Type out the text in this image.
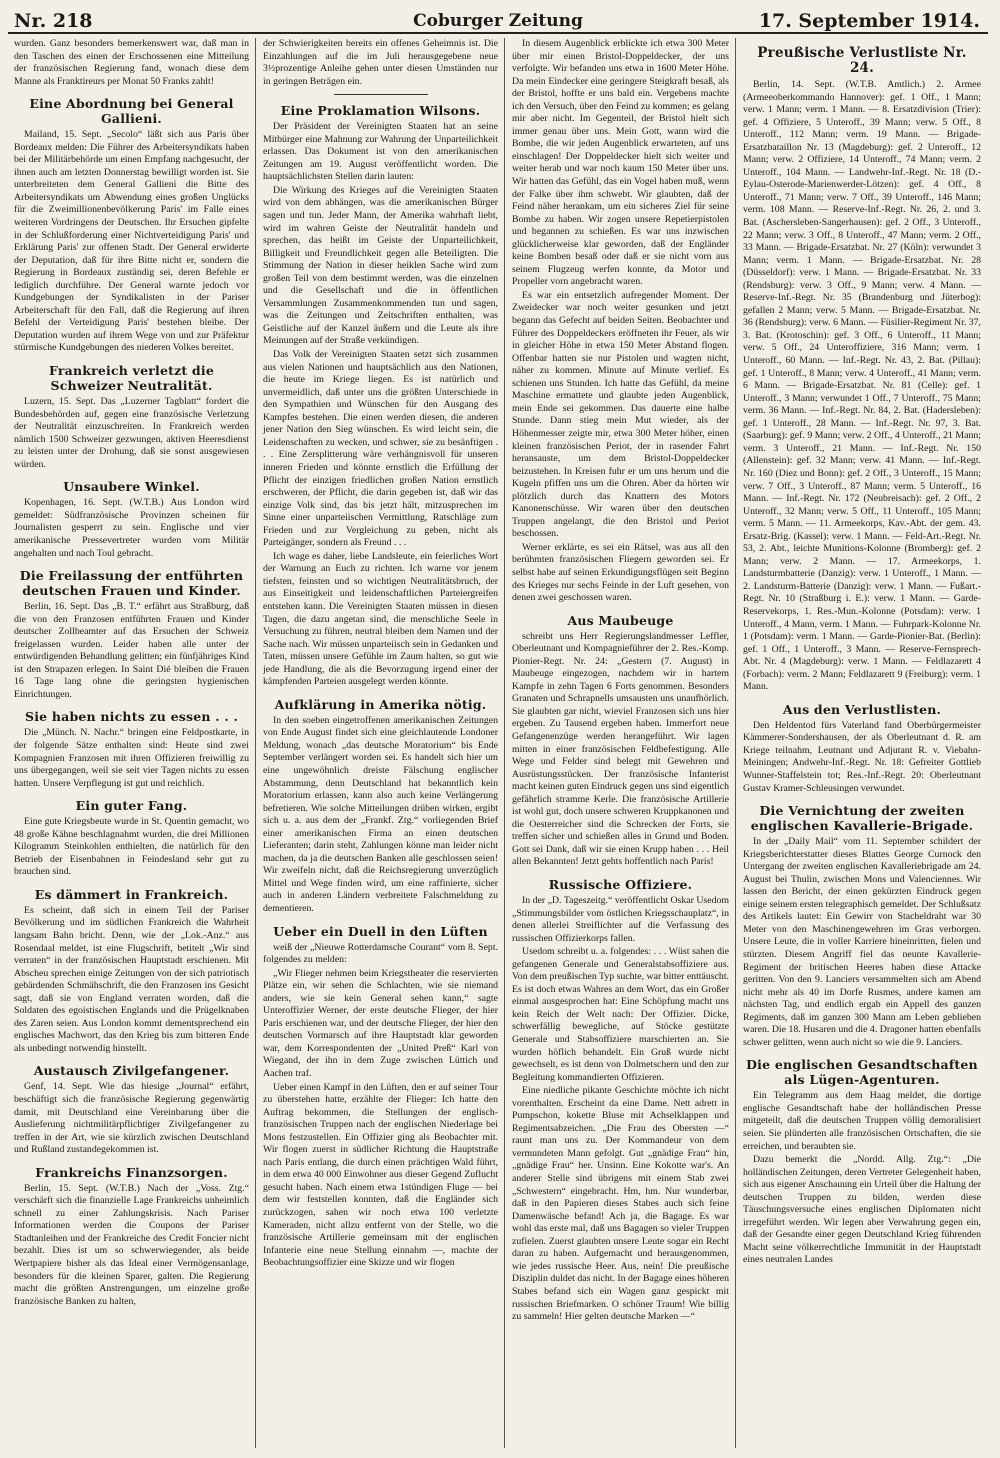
Nr. 218	Coburger Zeitung	17. September 1914.

wurden. Ganz besonders bemerkenswert war, daß man in den Taschen des einen der Erschossenen eine Mitteilung der französischen Regierung fand, wonach diese dem Manne als Franktireurs per Monat 50 Franks zahlt!

Eine Abordnung bei General Gallieni.

Mailand, 15. Sept. „Secolo“ läßt sich aus Paris über Bordeaux melden: Die Führer des Arbeitersyndikats haben bei der Militärbehörde um einen Empfang nachgesucht, der ihnen auch am letzten Donnerstag bewilligt worden ist. Sie unterbreiteten dem General Gallieni die Bitte des Arbeitersyndikats um Abwendung eines großen Unglücks für die Zweimillionenbevölkerung Paris' im Falle eines weiteren Vordringens der Deutschen. Ihr Ersuchen gipfelte in der Schlußforderung einer Nichtverteidigung Paris' und Erklärung Paris' zur offenen Stadt. Der General erwiderte der Deputation, daß für ihre Bitte nicht er, sondern die Regierung in Bordeaux zuständig sei, deren Befehle er lediglich durchführe. Der General warnte jedoch vor Kundgebungen der Syndikalisten in der Pariser Arbeiterschaft für den Fall, daß die Regierung auf ihren Befehl der Verteidigung Paris' bestehen bleibe. Der Deputation wurden auf ihrem Wege von und zur Präfektur stürmische Kundgebungen des niederen Volkes bereitet.

Frankreich verletzt die Schweizer Neutralität.

Luzern, 15. Sept. Das „Luzerner Tagblatt“ fordert die Bundesbehörden auf, gegen eine französische Verletzung der Neutralität einzuschreiten. In Frankreich werden nämlich 1500 Schweizer gezwungen, aktiven Heeresdienst zu leisten unter der Drohung, daß sie sonst ausgewiesen würden.

Unsaubere Winkel.

Kopenhagen, 16. Sept. (W.T.B.) Aus London wird gemeldet: Südfranzösische Provinzen scheinen für Journalisten gesperrt zu sein. Englische und vier amerikanische Pressevertreter wurden vom Militär angehalten und nach Toul gebracht.

Die Freilassung der entführten deutschen Frauen und Kinder.

Berlin, 16. Sept. Das „B. T.“ erfährt aus Straßburg, daß die von den Franzosen entführten Frauen und Kinder deutscher Zollbeamter auf das Ersuchen der Schweiz freigelassen wurden. Leider haben alle unter der entwürdigenden Behandlung gelitten; ein fünfjähriges Kind ist den Strapazen erlegen. In Saint Dié bleiben die Frauen 16 Tage lang ohne die geringsten hygienischen Einrichtungen.

Sie haben nichts zu essen . . .

Die „Münch. N. Nachr.“ bringen eine Feldpostkarte, in der folgende Sätze enthalten sind: Heute sind zwei Kompagnien Franzosen mit ihren Offizieren freiwillig zu uns übergegangen, weil sie seit vier Tagen nichts zu essen hatten. Unsere Verpflegung ist gut und reichlich.

Ein guter Fang.

Eine gute Kriegsbeute wurde in St. Quentin gemacht, wo 48 große Kähne beschlagnahmt wurden, die drei Millionen Kilogramm Steinkohlen enthielten, die natürlich für den Betrieb der Eisenbahnen in Feindesland sehr gut zu brauchen sind.

Es dämmert in Frankreich.

Es scheint, daß sich in einem Teil der Pariser Bevölkerung und im südlichen Frankreich die Wahrheit langsam Bahn bricht. Denn, wie der „Lok.-Anz.“ aus Rosendaal meldet, ist eine Flugschrift, betitelt „Wir sind verraten“ in der französischen Hauptstadt erschienen. Mit Abscheu sprechen einige Zeitungen von der sich patriotisch gebärdenden Schmähschrift, die den Franzosen ins Gesicht sagt, daß sie von England verraten worden, daß die Soldaten des egoistischen Englands und die Prügelknaben des Zaren seien. Aus London kommt dementsprechend ein englisches Machwort, das den Krieg bis zum bitteren Ende als unbedingt notwendig hinstellt.

Austausch Zivilgefangener.

Genf, 14. Sept. Wie das hiesige „Journal“ erfährt, beschäftigt sich die französische Regierung gegenwärtig damit, mit Deutschland eine Vereinbarung über die Auslieferung nichtmilitärpflichtiger Zivilgefangener zu treffen in der Art, wie sie kürzlich zwischen Deutschland und Rußland zustandegekommen ist.

Frankreichs Finanzsorgen.

Berlin, 15. Sept. (W.T.B.) Nach der „Voss. Ztg.“ verschärft sich die finanzielle Lage Frankreichs unheimlich schnell zu einer Zahlungskrisis. Nach Pariser Informationen werden die Coupons der Pariser Stadtanleihen und der Frankreiche des Credit Foncier nicht bezahlt. Dies ist um so schwerwiegender, als beide Wertpapiere bisher als das Ideal einer Vermögensanlage, besonders für die kleinen Sparer, galten. Die Regierung macht die größten Anstrengungen, um einzelne große französische Banken zu halten,

der Schwierigkeiten bereits ein offenes Geheimnis ist. Die Einzahlungen auf die im Juli herausgegebene neue 3½prozentige Anleihe gehen unter diesen Umständen nur in geringen Beträgen ein.

Eine Proklamation Wilsons.

Der Präsident der Vereinigten Staaten hat an seine Mitbürger eine Mahnung zur Wahrung der Unparteilichkeit erlassen. Das Dokument ist von den amerikanischen Zeitungen am 19. August veröffentlicht worden. Die hauptsächlichsten Stellen darin lauten:

Die Wirkung des Krieges auf die Vereinigten Staaten wird von dem abhängen, was die amerikanischen Bürger sagen und tun. Jeder Mann, der Amerika wahrhaft liebt, wird im wahren Geiste der Neutralität handeln und sprechen, das heißt im Geiste der Unparteilichkeit, Billigkeit und Freundlichkeit gegen alle Beteiligten. Die Stimmung der Nation in dieser heiklen Sache wird zum großen Teil von dem bestimmt werden, was die einzelnen und die Gesellschaft und die in öffentlichen Versammlungen Zusammenkommenden tun und sagen, was die Zeitungen und Zeitschriften enthalten, was Geistliche auf der Kanzel äußern und die Leute als ihre Meinungen auf der Straße verkündigen.

Das Volk der Vereinigten Staaten setzt sich zusammen aus vielen Nationen und hauptsächlich aus den Nationen, die heute im Kriege liegen. Es ist natürlich und unvermeidlich, daß unter uns die größten Unterschiede in den Sympathien und Wünschen für den Ausgang des Kampfes bestehen. Die einen werden diesen, die anderen jener Nation den Sieg wünschen. Es wird leicht sein, die Leidenschaften zu wecken, und schwer, sie zu besänftigen . . . Eine Zersplitterung wäre verhängnisvoll für unseren inneren Frieden und könnte ernstlich die Erfüllung der Pflicht der einzigen friedlichen großen Nation ernstlich erschweren, der Pflicht, die darin gegeben ist, daß wir das einzige Volk sind, das bis jetzt hält, mitzusprechen im Sinne einer unparteiischen Vermittlung, Ratschläge zum Frieden und zur Vergleichung zu geben, nicht als Parteigänger, sondern als Freund . . .

Ich wage es daher, liebe Landsleute, ein feierliches Wort der Warnung an Euch zu richten. Ich warne vor jenem tiefsten, feinsten und so wichtigen Neutralitätsbruch, der aus Einseitigkeit und leidenschaftlichen Parteiergreifen entstehen kann. Die Vereinigten Staaten müssen in diesen Tagen, die dazu angetan sind, die menschliche Seele in Versuchung zu führen, neutral bleiben dem Namen und der Sache nach. Wir müssen unparteiisch sein in Gedanken und Taten, müssen unsere Gefühle im Zaum halten, so gut wie jede Handlung, die als die Bevorzugung irgend einer der kämpfenden Parteien ausgelegt werden könnte.

Aufklärung in Amerika nötig.

In den soeben eingetroffenen amerikanischen Zeitungen von Ende August findet sich eine gleichlautende Londoner Meldung, wonach „das deutsche Moratorium“ bis Ende September verlängert worden sei. Es handelt sich hier um eine ungewöhnlich dreiste Fälschung englischer Abstammung, denn Deutschland hat bekanntlich kein Moratorium erlassen, kann also auch keine Verlängerung befretieren. Wie solche Mitteilungen drüben wirken, ergibt sich u. a. aus dem der „Frankf. Ztg.“ vorliegenden Brief einer amerikanischen Firma an einen deutschen Lieferanten; darin steht, Zahlungen könne man leider nicht machen, da ja die deutschen Banken alle geschlossen seien! Wir zweifeln nicht, daß die Reichsregierung unverzüglich Mittel und Wege finden wird, um eine raffinierte, sicher auch in anderen Ländern verbreitete Falschmeldung zu dementieren.

Ueber ein Duell in den Lüften

weiß der „Nieuwe Rotterdamsche Courant“ vom 8. Sept. folgendes zu melden:

„Wir Flieger nehmen beim Kriegstheater die reservierten Plätze ein, wir sehen die Schlachten, wie sie niemand anders, wie sie kein General sehen kann,“ sagte Unteroffizier Werner, der erste deutsche Flieger, der hier Paris erschienen war, und der deutsche Flieger, der hier den deutschen Vormarsch auf ihre Hauptstadt klar geworden war, dem Korrespondenten der „United Preß“ Karl von Wiegand, der ihn in dem Zuge zwischen Lüttich und Aachen traf.

Ueber einen Kampf in den Lüften, den er auf seiner Tour zu überstehen hatte, erzählte der Flieger: Ich hatte den Auftrag bekommen, die Stellungen der englisch-französischen Truppen nach der englischen Niederlage bei Mons festzustellen. Ein Offizier ging als Beobachter mit. Wir flogen zuerst in südlicher Richtung die Hauptstraße nach Paris entlang, die durch einen prächtigen Wald führt, in dem etwa 40 000 Einwohner aus dieser Gegend Zuflucht gesucht haben. Nach einem etwa 1stündigen Fluge — bei dem wir feststellen konnten, daß die Engländer sich zurückzogen, sahen wir noch etwa 100 verletzte Kameraden, nicht allzu entfernt von der Stelle, wo die französische Artillerie gemeinsam mit der englischen Infanterie eine neue Stellung einnahm —, machte der Beobachtungsoffizier eine Skizze und wir flogen

In diesem Augenblick erblickte ich etwa 300 Meter über mir einen Bristol-Doppeldecker, der uns verfolgte. Wir befanden uns etwa in 1600 Meter Höhe. Da mein Eindecker eine geringere Steigkraft besaß, als der Bristol, hoffte er uns bald ein. Vergebens machte ich den Versuch, über den Feind zu kommen; es gelang mir aber nicht. Im Gegenteil, der Bristol hielt sich immer genau über uns. Mein Gott, wann wird die Bombe, die wir jeden Augenblick erwarteten, auf uns einschlagen! Der Doppeldecker hielt sich weiter und weiter herab und war noch kaum 150 Meter über uns. Wir hatten das Gefühl, das ein Vogel haben muß, wenn der Falke über ihm schwebt. Wir glaubten, daß der Feind näher herankam, um ein sicheres Ziel für seine Bombe zu haben. Wir zogen unsere Repetierpistolen und begannen zu schießen. Es war uns inzwischen glücklicherweise klar geworden, daß der Engländer keine Bomben besaß oder daß er sie nicht vorn aus seinem Flugzeug werfen konnte, da Motor und Propeller vorn angebracht waren.

Es war ein entsetzlich aufregender Moment. Der Zweidecker war noch weiter gesunken und jetzt begann das Gefecht auf beiden Seiten. Beobachter und Führer des Doppeldeckers eröffneten ihr Feuer, als wir in gleicher Höhe in etwa 150 Meter Abstand flogen. Offenbar hatten sie nur Pistolen und wagten nicht, näher zu kommen. Minute auf Minute verlief. Es schienen uns Stunden. Ich hatte das Gefühl, da meine Maschine ermattete und glaubte jeden Augenblick, mein Ende sei gekommen. Das dauerte eine halbe Stunde. Dann stieg mein Mut wieder, als der Höhenmesser zeigte mir, etwa 300 Meter höher, einen kleinen französischen Periot, der in rasender Fahrt heransauste, um dem Bristol-Doppeldecker beizustehen. In Kreisen fuhr er um uns herum und die Kugeln pfiffen uns um die Ohren. Aber da hörten wir plötzlich durch das Knattern des Motors Kanonenschüsse. Wir waren über den deutschen Truppen angelangt, die den Bristol und Periot beschossen.

Werner erklärte, es sei ein Rätsel, was aus all den berühmten französischen Fliegern geworden sei. Er selbst habe auf seinen Erkundigungsflügen seit Beginn des Krieges nur sechs Feinde in der Luft gesehen, von denen zwei geschossen waren.

Aus Maubeuge

schreibt uns Herr Regierungslandmesser Leffler, Oberleutnant und Kompagnieführer der 2. Res.-Komp. Pionier-Regt. Nr. 24: „Gestern (7. August) in Maubeuge eingezogen, nachdem wir in hartem Kampfe in zehn Tagen 6 Forts genommen. Besonders Granaten und Schrapnells umsausten uns unaufhörlich. Sie glaubten gar nicht, wieviel Franzosen sich uns hier ergeben. Zu Tausend ergeben haben. Immerfort neue Gefangenenzüge werden herangeführt. Wir lagen mitten in einer französischen Feldbefestigung. Alle Wege und Felder sind belegt mit Gewehren und Ausrüstungsstücken. Der französische Infanterist macht keinen guten Eindruck gegen uns sind eigentlich gefährlich stramme Kerle. Die französische Artillerie ist wohl gut, doch unsere schweren Kruppkanonen und die Oesterreicher sind die Schrecken der Forts, sie treffen sicher und schießen alles in Grund und Boden. Gott sei Dank, daß wir sie einen Krupp haben . . . Heil allen Bekannten! Jetzt gehts hoffentlich nach Paris!

Russische Offiziere.

In der „D. Tageszeitg.“ veröffentlicht Oskar Usedom „Stimmungsbilder vom östlichen Kriegsschauplatz“, in denen allerlei Streiflichter auf die Verfassung des russischen Offizierkorps fallen.

Usedom schreibt u. a. folgendes: . . . Wüst sahen die gefangenen Generale und Generalstabsoffiziere aus. Von dem preußischen Typ suchte, war bitter enttäuscht. Es ist doch etwas Wahres an dem Wort, das ein Großer einmal ausgesprochen hat: Eine Schöpfung macht uns kein Reich der Welt nach: Der Offizier. Dicke, schwerfällig bewegliche, auf Stöcke gestützte Generale und Stabsoffiziere marschierten an. Sie wurden höflich behandelt. Ein Gruß wurde nicht gewechselt, es ist denn von Dolmetschern und den zur Begleitung kommandierten Offizieren.

Eine niedliche pikante Geschichte möchte ich nicht vorenthalten. Erscheint da eine Dame. Nett adrett in Pumpschon, kokette Bluse mit Achselklappen und Regimentsabzeichen. „Die Frau des Obersten —“ raunt man uns zu. Der Kommandeur von dem vermundeten Mann gefolgt. Gut „gnädige Frau“ hin, „gnädige Frau“ her. Unsinn. Eine Kokotte war's. An anderer Stelle sind übrigens mit einem Stab zwei „Schwestern“ eingebracht. Hm, hm. Nur wunderbar, daß in den Papieren dieses Stabes auch sich feine Damenwäsche befand! Ach ja, die Bagage. Es war wohl das erste mal, daß uns Bagagen so vieler Truppen zufielen. Zuerst glaubten unsere Leute sogar ein Recht daran zu haben. Aufgemacht und herausgenommen, wie jedes russische Heer. Aus, nein! Die preußische Disziplin duldet das nicht. In der Bagage eines höheren Stabes befand sich ein Wagen ganz gespickt mit russischen Briefmarken. O schöner Traum! Wie billig zu sammeln! Hier gelten deutsche Marken —“

Preußische Verlustliste Nr. 24.

Berlin, 14. Sept. (W.T.B. Amtlich.) 2. Armee (Armeeoberkommando Hannover): gef. 1 Off., 1 Mann; verw. 1 Mann; verm. 1 Mann. — 8. Ersatzdivision (Trier): gef. 4 Offiziere, 5 Unteroff., 39 Mann; verw. 5 Off., 8 Unteroff., 112 Mann; verm. 19 Mann. — Brigade-Ersatzbataillon Nr. 13 (Magdeburg): gef. 2 Unteroff., 12 Mann; verw. 2 Offiziere, 14 Unteroff., 74 Mann; verm. 2 Unteroff., 104 Mann. — Landwehr-Inf.-Regt. Nr. 18 (D.-Eylau-Osterode-Marienwerder-Lötzen): gef. 4 Off., 8 Unteroff., 71 Mann; verw. 7 Off., 39 Unteroff., 146 Mann; verm. 108 Mann. — Reserve-Inf.-Regt. Nr. 26, 2. und 3. Bat. (Aschersleben-Sangerhausen): gef. 2 Off., 3 Unteroff., 22 Mann; verw. 3 Off., 8 Unteroff., 47 Mann; verm. 2 Off., 33 Mann. — Brigade-Ersatzbat. Nr. 27 (Köln): verwundet 3 Mann; verm. 1 Mann. — Brigade-Ersatzbat. Nr. 28 (Düsseldorf): verw. 1 Mann. — Brigade-Ersatzbat. Nr. 33 (Rendsburg): verw. 3 Off., 9 Mann; verw. 4 Mann. — Reserve-Inf.-Regt. Nr. 35 (Brandenburg und Jüterbog): gefallen 2 Mann; verw. 5 Mann. — Brigade-Ersatzbat. Nr. 36 (Rendsburg): verw. 6 Mann. — Füsilier-Regiment Nr. 37, 3. Bat. (Krotoschin): gef. 3 Off., 6 Unteroff., 11 Mann; verw. 5 Off., 24 Unteroffiziere, 316 Mann; verm. 1 Unteroff., 60 Mann. — Inf.-Regt. Nr. 43, 2. Bat. (Pillau): gef. 1 Unteroff., 8 Mann; verw. 4 Unteroff., 41 Mann; verm. 6 Mann. — Brigade-Ersatzbat. Nr. 81 (Celle): gef. 1 Unteroff., 3 Mann; verwundet 1 Off., 7 Unteroff., 75 Mann; verm. 36 Mann. — Inf.-Regt. Nr. 84, 2. Bat. (Hadersleben): gef. 1 Unteroff., 28 Mann. — Inf.-Regt. Nr. 97, 3. Bat. (Saarburg): gef. 9 Mann; verw. 2 Off., 4 Unteroff., 21 Mann; verm. 3 Unteroff., 21 Mann. — Inf.-Regt. Nr. 150 (Allenstein): gef. 32 Mann; verw. 41 Mann. — Inf.-Regt. Nr. 160 (Diez und Bonn): gef. 2 Off., 3 Unteroff., 15 Mann; verw. 7 Off., 3 Unteroff., 87 Mann; verm. 5 Unteroff., 16 Mann. — Inf.-Regt. Nr. 172 (Neubreisach): gef. 2 Off., 2 Unteroff., 32 Mann; verw. 5 Off., 11 Unteroff., 105 Mann; verm. 5 Mann. — 11. Armeekorps, Kav.-Abt. der gem. 43. Ersatz-Brig. (Kassel): verw. 1 Mann. — Feld-Art.-Regt. Nr. 53, 2. Abt., leichte Munitions-Kolonne (Bromberg): gef. 2 Mann; verw. 2 Mann. — 17. Armeekorps, 1. Landsturmbatterie (Danzig): verw. 1 Unteroff., 1 Mann. — 2. Landsturm-Batterie (Danzig): verw. 1 Mann. — Fußart.-Regt. Nr. 10 (Straßburg i. E.): verw. 1 Mann. — Garde-Reservekorps, 1. Res.-Mun.-Kolonne (Potsdam): verw. 1 Unteroff., 4 Mann, verm. 1 Mann. — Fuhrpark-Kolonne Nr. 1 (Potsdam): verm. 1 Mann. — Garde-Pionier-Bat. (Berlin): gef. 1 Off., 1 Unteroff., 3 Mann. — Reserve-Fernsprech-Abt. Nr. 4 (Magdeburg): verw. 1 Mann. — Feldlazarett 4 (Forbach): verm. 2 Mann; Feldlazarett 9 (Freiburg): verm. 1 Mann.

Aus den Verlustlisten.

Den Heldentod fürs Vaterland fand Oberbürgermeister Kämmerer-Sondershausen, der als Oberleutnant d. R. am Kriege teilnahm, Leutnant und Adjutant R. v. Viebahn-Meiningen; Andwehr-Inf.-Regt. Nr. 18: Gefreiter Gottlieb Wunner-Staffelstein tot; Res.-Inf.-Regt. 20: Oberleutnant Gustav Kramer-Schleusingen verwundet.

Die Vernichtung der zweiten englischen Kavallerie-Brigade.

In der „Daily Mail“ vom 11. September schildert der Kriegsberichterstatter dieses Blattes George Curnock den Untergang der zweiten englischen Kavalleriebrigade am 24. August bei Thulin, zwischen Mons und Valenciennes. Wir lassen den Bericht, der einen gekürzten Eindruck gegen einige seinem ersten telegraphisch gemeldet. Der Schlußsatz des Artikels lautet: Ein Gewirr von Stacheldraht war 30 Meter von den Maschinengewehren im Gras verborgen. Unsere Leute, die in voller Karriere hineinritten, fielen und stürzten. Diesem Angriff fiel das neunte Kavallerie-Regiment der britischen Heeres haben diese Attacke geritten. Von den 9. Lanciers versammelten sich am Abend nicht mehr als 40 im Dorfe Rusmes, andere kamen am nächsten Tag, und endlich ergab ein Appell des ganzen Regiments, daß im ganzen 300 Mann am Leben geblieben waren. Die 18. Husaren und die 4. Dragoner hatten ebenfalls schwer gelitten, wenn auch nicht so wie die 9. Lanciers.

Die englischen Gesandtschaften als Lügen-Agenturen.

Ein Telegramm aus dem Haag meldet, die dortige englische Gesandtschaft habe der holländischen Presse mitgeteilt, daß die deutschen Truppen völlig demoralisiert seien. Sie plünderten alle französischen Ortschaften, die sie erreichen, und beraubten sie.

Dazu bemerkt die „Nordd. Allg. Ztg.“: „Die holländischen Zeitungen, deren Vertreter Gelegenheit haben, sich aus eigener Anschauung ein Urteil über die Haltung der deutschen Truppen zu bilden, werden diese Täuschungsversuche eines englischen Diplomaten nicht irregeführt werden. Wir legen aber Verwahrung gegen ein, daß der Gesandte einer gegen Deutschland Krieg führenden Macht seine völkerrechtliche Immunität in der Hauptstadt eines neutralen Landes
